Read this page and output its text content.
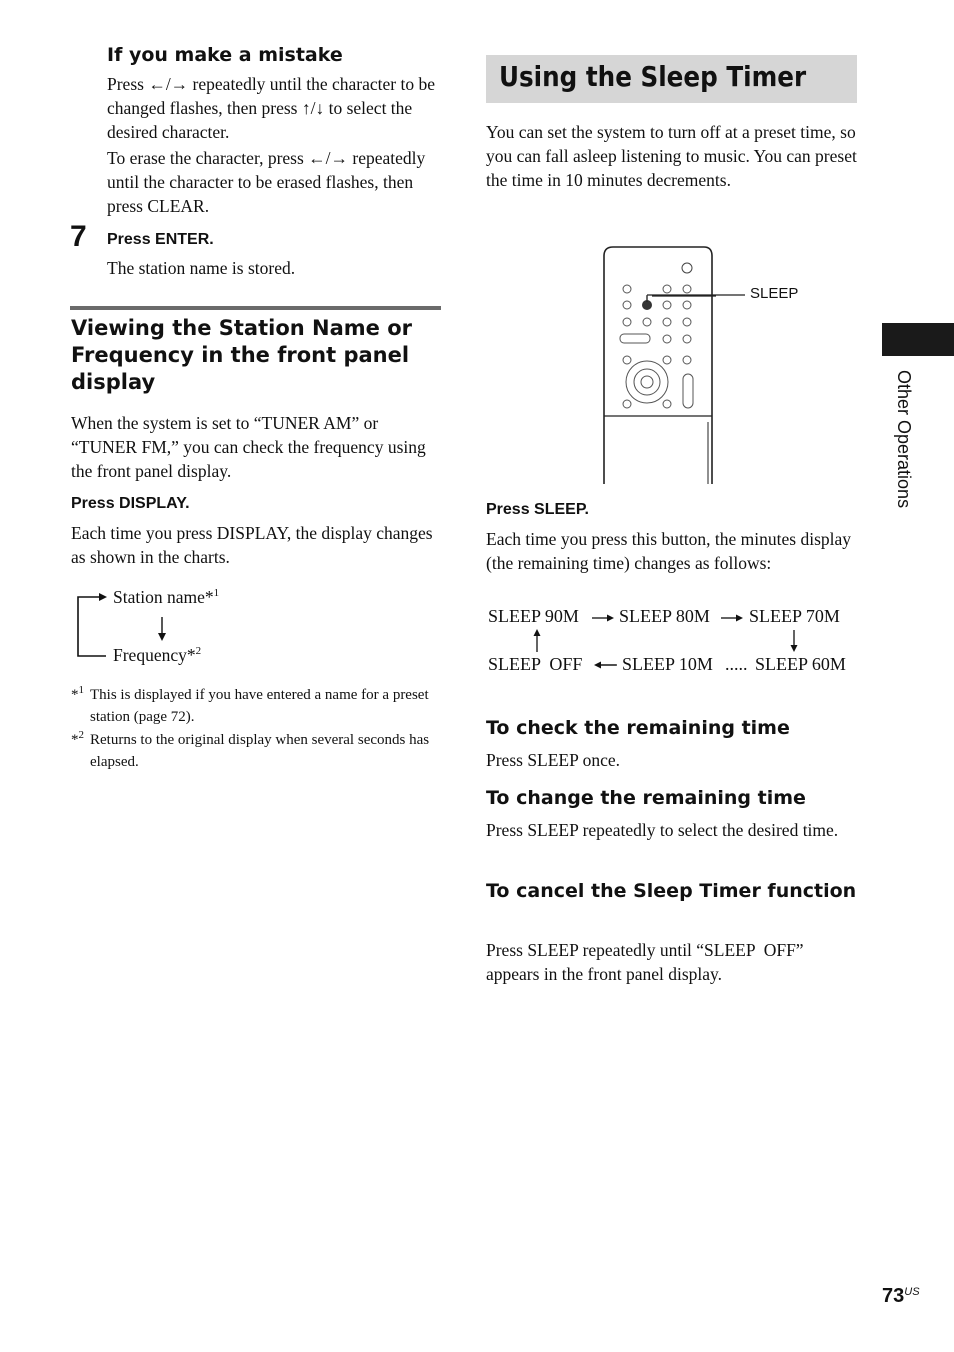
If you make a mistake

Press ←/→ repeatedly until the character to be changed flashes, then press ↑/↓ to select the desired character.

To erase the character, press ←/→ repeatedly until the character to be erased flashes, then press CLEAR.

7 Press ENTER.

The station name is stored.

Viewing the Station Name or Frequency in the front panel display

When the system is set to “TUNER AM” or “TUNER FM,” you can check the frequency using the front panel display.

Press DISPLAY.

Each time you press DISPLAY, the display changes as shown in the charts.

Station name*$^1$
Frequency*$^2$
*$^1$ This is displayed if you have entered a name for a preset station (page 72).
*$^2$ Returns to the original display when several seconds has elapsed.
Using the Sleep Timer

You can set the system to turn off at a preset time, so you can fall asleep listening to music. You can preset the time in 10 minutes decrements.

SLEEP
Press SLEEP.

Each time you press this button, the minutes display (the remaining time) changes as follows:

SLEEP 90M SLEEP 80M SLEEP 70M
SLEEP  OFF SLEEP 10M ..... SLEEP 60M
To check the remaining time

Press SLEEP once.

To change the remaining time

Press SLEEP repeatedly to select the desired time.

To cancel the Sleep Timer function

Press SLEEP repeatedly until “SLEEP  OFF” appears in the front panel display.

Other Operations
$73^{US}$
